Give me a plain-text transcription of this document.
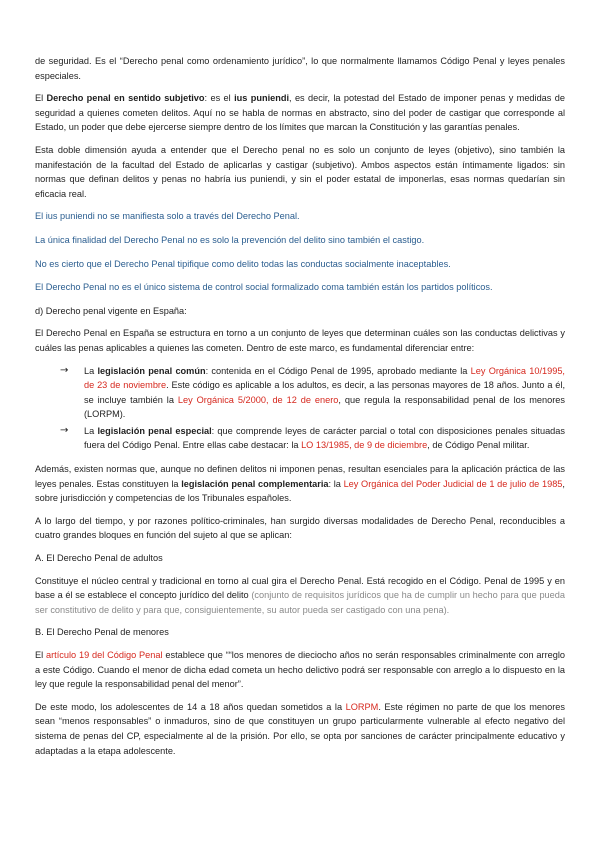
de seguridad. Es el “Derecho penal como ordenamiento jurídico”, lo que normalmente llamamos Código Penal y leyes penales especiales.

El Derecho penal en sentido subjetivo: es el ius puniendi, es decir, la potestad del Estado de imponer penas y medidas de seguridad a quienes cometen delitos. Aquí no se habla de normas en abstracto, sino del poder de castigar que corresponde al Estado, un poder que debe ejercerse siempre dentro de los límites que marcan la Constitución y las garantías penales.

Esta doble dimensión ayuda a entender que el Derecho penal no es solo un conjunto de leyes (objetivo), sino también la manifestación de la facultad del Estado de aplicarlas y castigar (subjetivo). Ambos aspectos están íntimamente ligados: sin normas que definan delitos y penas no habría ius puniendi, y sin el poder estatal de imponerlas, esas normas quedarían sin eficacia real.

El ius puniendi no se manifiesta solo a través del Derecho Penal.

La única finalidad del Derecho Penal no es solo la prevención del delito sino también el castigo.

No es cierto que el Derecho Penal tipifique como delito todas las conductas socialmente inaceptables.

El Derecho Penal no es el único sistema de control social formalizado coma también están los partidos políticos.

d) Derecho penal vigente en España:

El Derecho Penal en España se estructura en torno a un conjunto de leyes que determinan cuáles son las conductas delictivas y cuáles las penas aplicables a quienes las cometen. Dentro de este marco, es fundamental diferenciar entre:

→ La legislación penal común: contenida en el Código Penal de 1995, aprobado mediante la Ley Orgánica 10/1995, de 23 de noviembre. Este código es aplicable a los adultos, es decir, a las personas mayores de 18 años. Junto a él, se incluye también la Ley Orgánica 5/2000, de 12 de enero, que regula la responsabilidad penal de los menores (LORPM).
→ La legislación penal especial: que comprende leyes de carácter parcial o total con disposiciones penales situadas fuera del Código Penal. Entre ellas cabe destacar: la LO 13/1985, de 9 de diciembre, de Código Penal militar.

Además, existen normas que, aunque no definen delitos ni imponen penas, resultan esenciales para la aplicación práctica de las leyes penales. Estas constituyen la legislación penal complementaria: la Ley Orgánica del Poder Judicial de 1 de julio de 1985, sobre jurisdicción y competencias de los Tribunales españoles.

A lo largo del tiempo, y por razones político-criminales, han surgido diversas modalidades de Derecho Penal, reconducibles a cuatro grandes bloques en función del sujeto al que se aplican:

A. El Derecho Penal de adultos

Constituye el núcleo central y tradicional en torno al cual gira el Derecho Penal. Está recogido en el Código. Penal de 1995 y en base a él se establece el concepto jurídico del delito (conjunto de requisitos jurídicos que ha de cumplir un hecho para que pueda ser constitutivo de delito y para que, consiguientemente, su autor pueda ser castigado con una pena).

B. El Derecho Penal de menores

El artículo 19 del Código Penal establece que ““los menores de dieciocho años no serán responsables criminalmente con arreglo a este Código. Cuando el menor de dicha edad cometa un hecho delictivo podrá ser responsable con arreglo a lo dispuesto en la ley que regule la responsabilidad penal del menor”.

De este modo, los adolescentes de 14 a 18 años quedan sometidos a la LORPM. Este régimen no parte de que los menores sean “menos responsables” o inmaduros, sino de que constituyen un grupo particularmente vulnerable al efecto negativo del sistema de penas del CP, especialmente al de la prisión. Por ello, se opta por sanciones de carácter principalmente educativo y adaptadas a la etapa adolescente.
